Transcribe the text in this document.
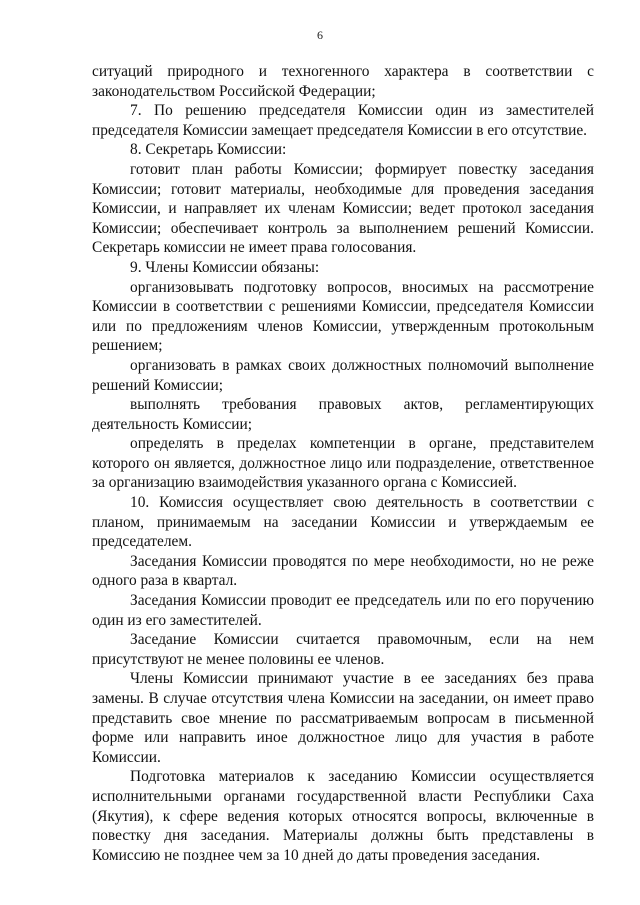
6

ситуаций природного и техногенного характера в соответствии с законодательством Российской Федерации;

7. По решению председателя Комиссии один из заместителей председателя Комиссии замещает председателя Комиссии в его отсутствие.

8. Секретарь Комиссии:

готовит план работы Комиссии; формирует повестку заседания Комиссии; готовит материалы, необходимые для проведения заседания Комиссии, и направляет их членам Комиссии; ведет протокол заседания Комиссии; обеспечивает контроль за выполнением решений Комиссии. Секретарь комиссии не имеет права голосования.

9. Члены Комиссии обязаны:

организовывать подготовку вопросов, вносимых на рассмотрение Комиссии в соответствии с решениями Комиссии, председателя Комиссии или по предложениям членов Комиссии, утвержденным протокольным решением;

организовать в рамках своих должностных полномочий выполнение решений Комиссии;

выполнять требования правовых актов, регламентирующих деятельность Комиссии;

определять в пределах компетенции в органе, представителем которого он является, должностное лицо или подразделение, ответственное за организацию взаимодействия указанного органа с Комиссией.

10. Комиссия осуществляет свою деятельность в соответствии с планом, принимаемым на заседании Комиссии и утверждаемым ее председателем.

Заседания Комиссии проводятся по мере необходимости, но не реже одного раза в квартал.

Заседания Комиссии проводит ее председатель или по его поручению один из его заместителей.

Заседание Комиссии считается правомочным, если на нем присутствуют не менее половины ее членов.

Члены Комиссии принимают участие в ее заседаниях без права замены. В случае отсутствия члена Комиссии на заседании, он имеет право представить свое мнение по рассматриваемым вопросам в письменной форме или направить иное должностное лицо для участия в работе Комиссии.

Подготовка материалов к заседанию Комиссии осуществляется исполнительными органами государственной власти Республики Саха (Якутия), к сфере ведения которых относятся вопросы, включенные в повестку дня заседания. Материалы должны быть представлены в Комиссию не позднее чем за 10 дней до даты проведения заседания.
